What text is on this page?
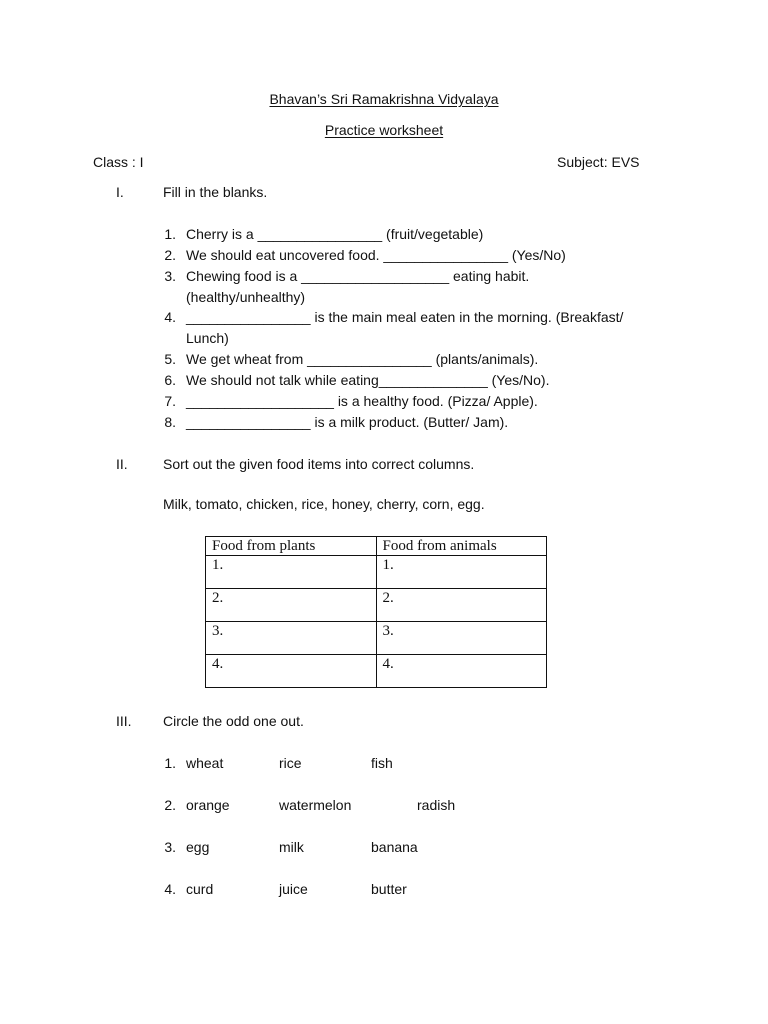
Bhavan’s Sri Ramakrishna Vidyalaya
Practice worksheet
Class : I	Subject: EVS
I.	Fill in the blanks.
1. Cherry is a ________________ (fruit/vegetable)
2. We should eat uncovered food. ________________ (Yes/No)
3. Chewing food is a ___________________ eating habit.
(healthy/unhealthy)
4. ________________ is the main meal eaten in the morning. (Breakfast/
Lunch)
5. We get wheat from ________________ (plants/animals).
6. We should not talk while eating______________ (Yes/No).
7. ___________________ is a healthy food. (Pizza/ Apple).
8. ________________ is a milk product. (Butter/ Jam).
II.	Sort out the given food items into correct columns.
Milk, tomato, chicken, rice, honey, cherry, corn, egg.
Food from plants	Food from animals
1.	1.
2.	2.
3.	3.
4.	4.
III. Circle the odd one out.
1. wheat	rice	fish
2. orange	watermelon	radish
3. egg	milk	banana
4. curd	juice	butter
